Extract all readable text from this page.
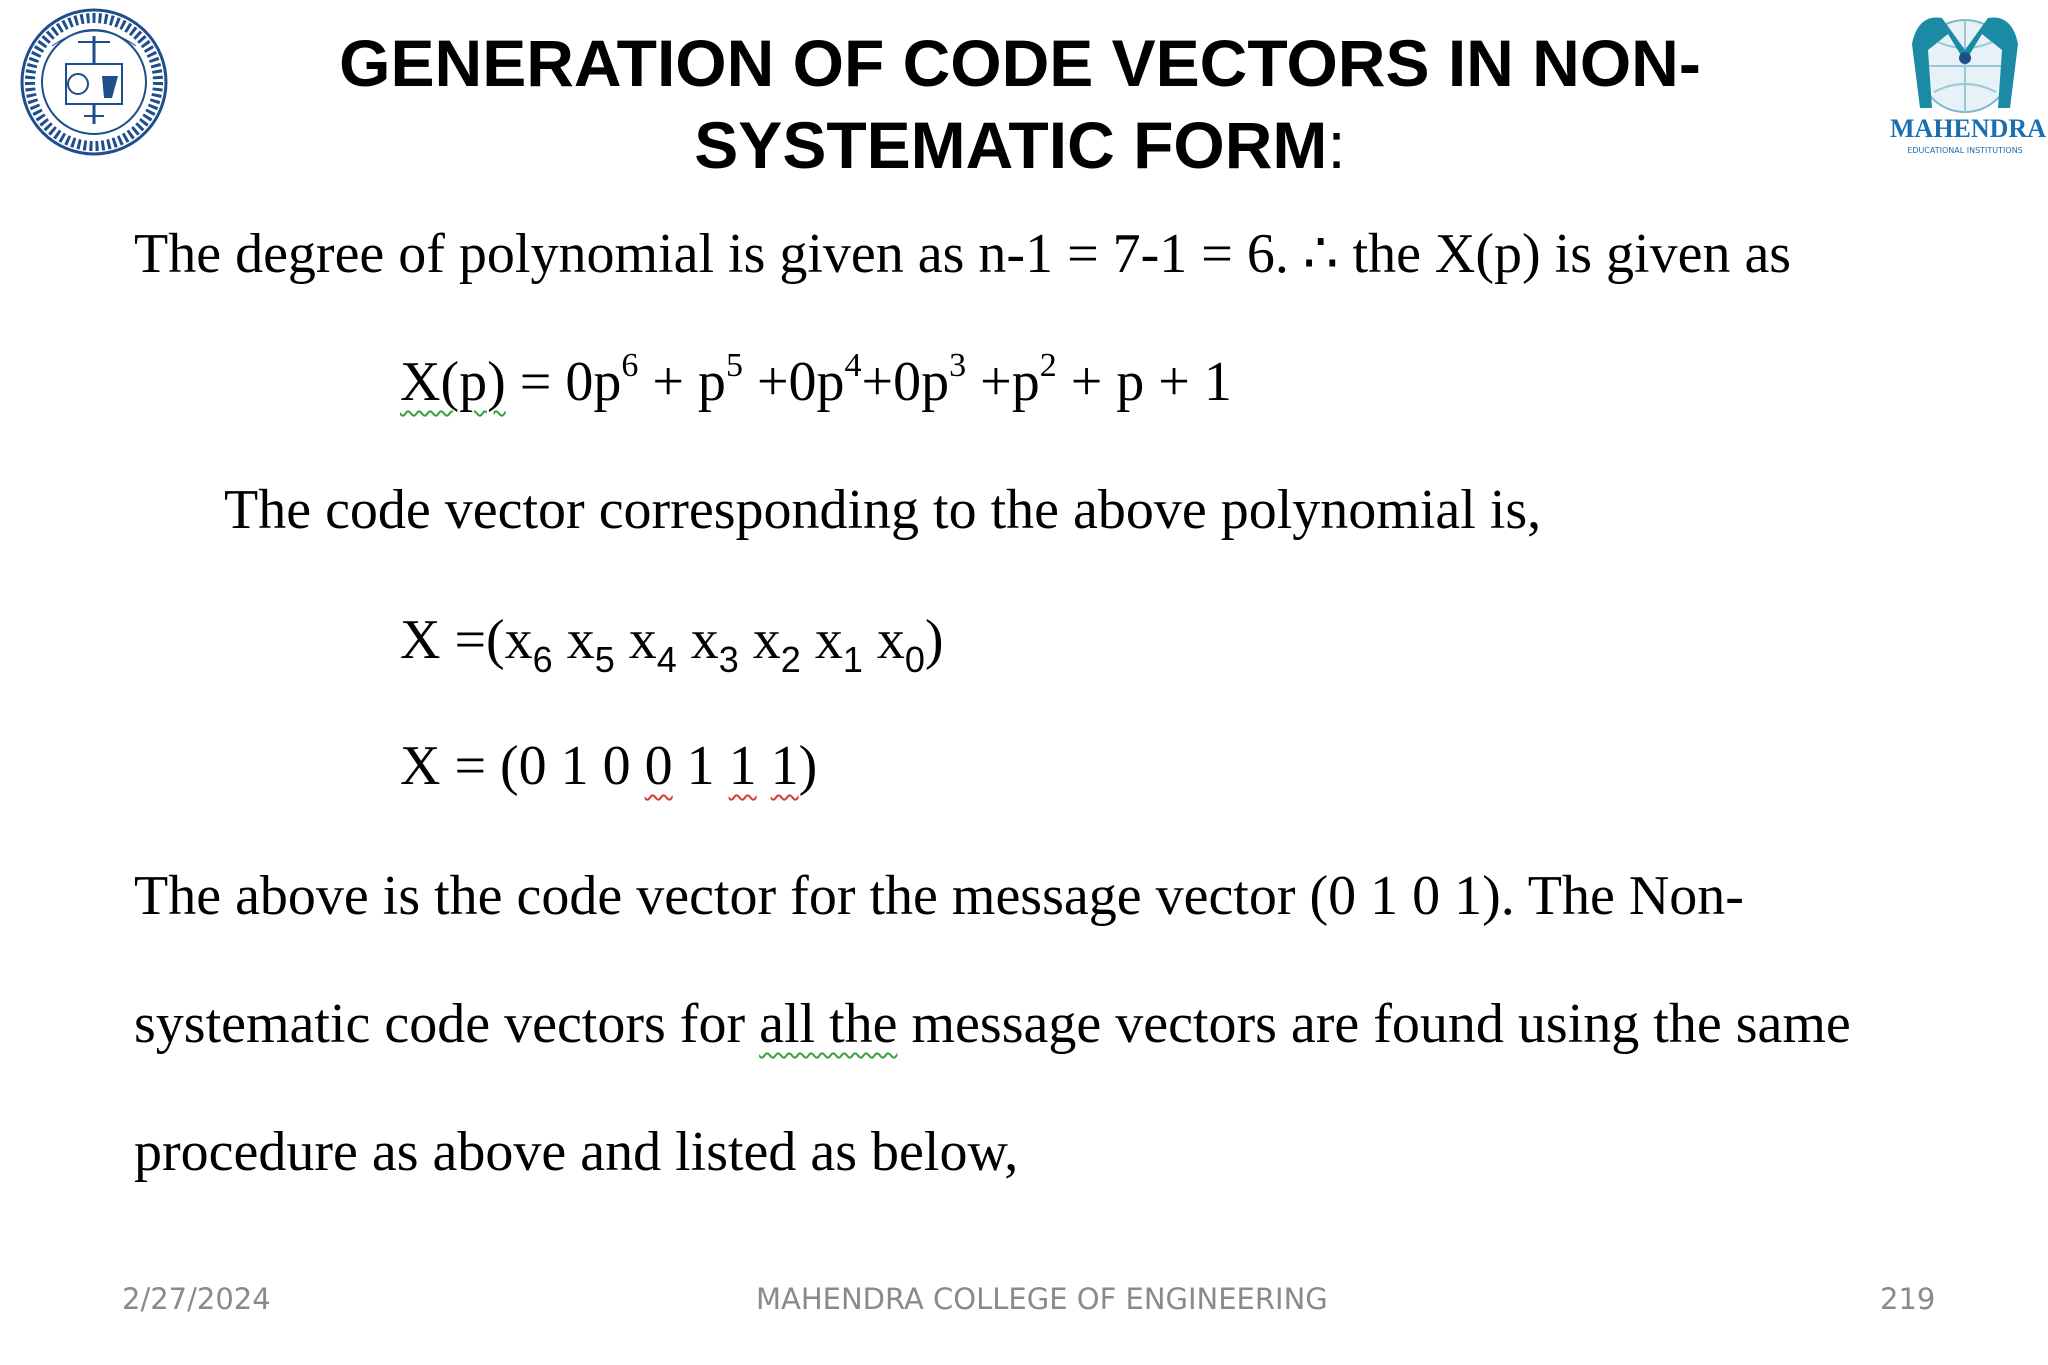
MAHENDRA
EDUCATIONAL INSTITUTIONS
GENERATION OF CODE VECTORS IN NON-
SYSTEMATIC FORM:

The degree of polynomial is given as n-1 = 7-1 = 6. ∴ the X(p) is given as

$X(p) = 0p^6 + p^5 +0p^4+0p^3 +p^2 + p + 1$

The code vector corresponding to the above polynomial is,

$X =(x_6$ $x_5$ $x_4$ $x_3$ $x_2$ $x_1$ $x_0$)

X = (0 1 0 0 1 1 1)

The above is the code vector for the message vector (0 1 0 1). The Non-

systematic code vectors for all the message vectors are found using the same

procedure as above and listed as below,

2/27/2024	MAHENDRA COLLEGE OF ENGINEERING	219
